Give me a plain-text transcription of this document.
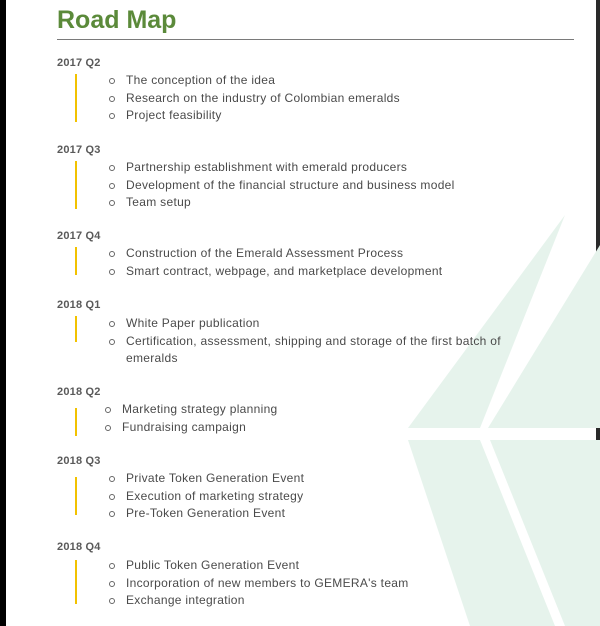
Road Map
2017 Q2
The conception of the idea
Research on the industry of Colombian emeralds
Project feasibility
2017 Q3
Partnership establishment with emerald producers
Development of the financial structure and business model
Team setup
2017 Q4
Construction of the Emerald Assessment Process
Smart contract, webpage, and marketplace development
2018 Q1
White Paper publication
Certification, assessment, shipping and storage of the first batch of emeralds
2018 Q2
Marketing strategy planning
Fundraising campaign
2018 Q3
Private Token Generation Event
Execution of marketing strategy
Pre-Token Generation Event
2018 Q4
Public Token Generation Event
Incorporation of new members to GEMERA's team
Exchange integration
